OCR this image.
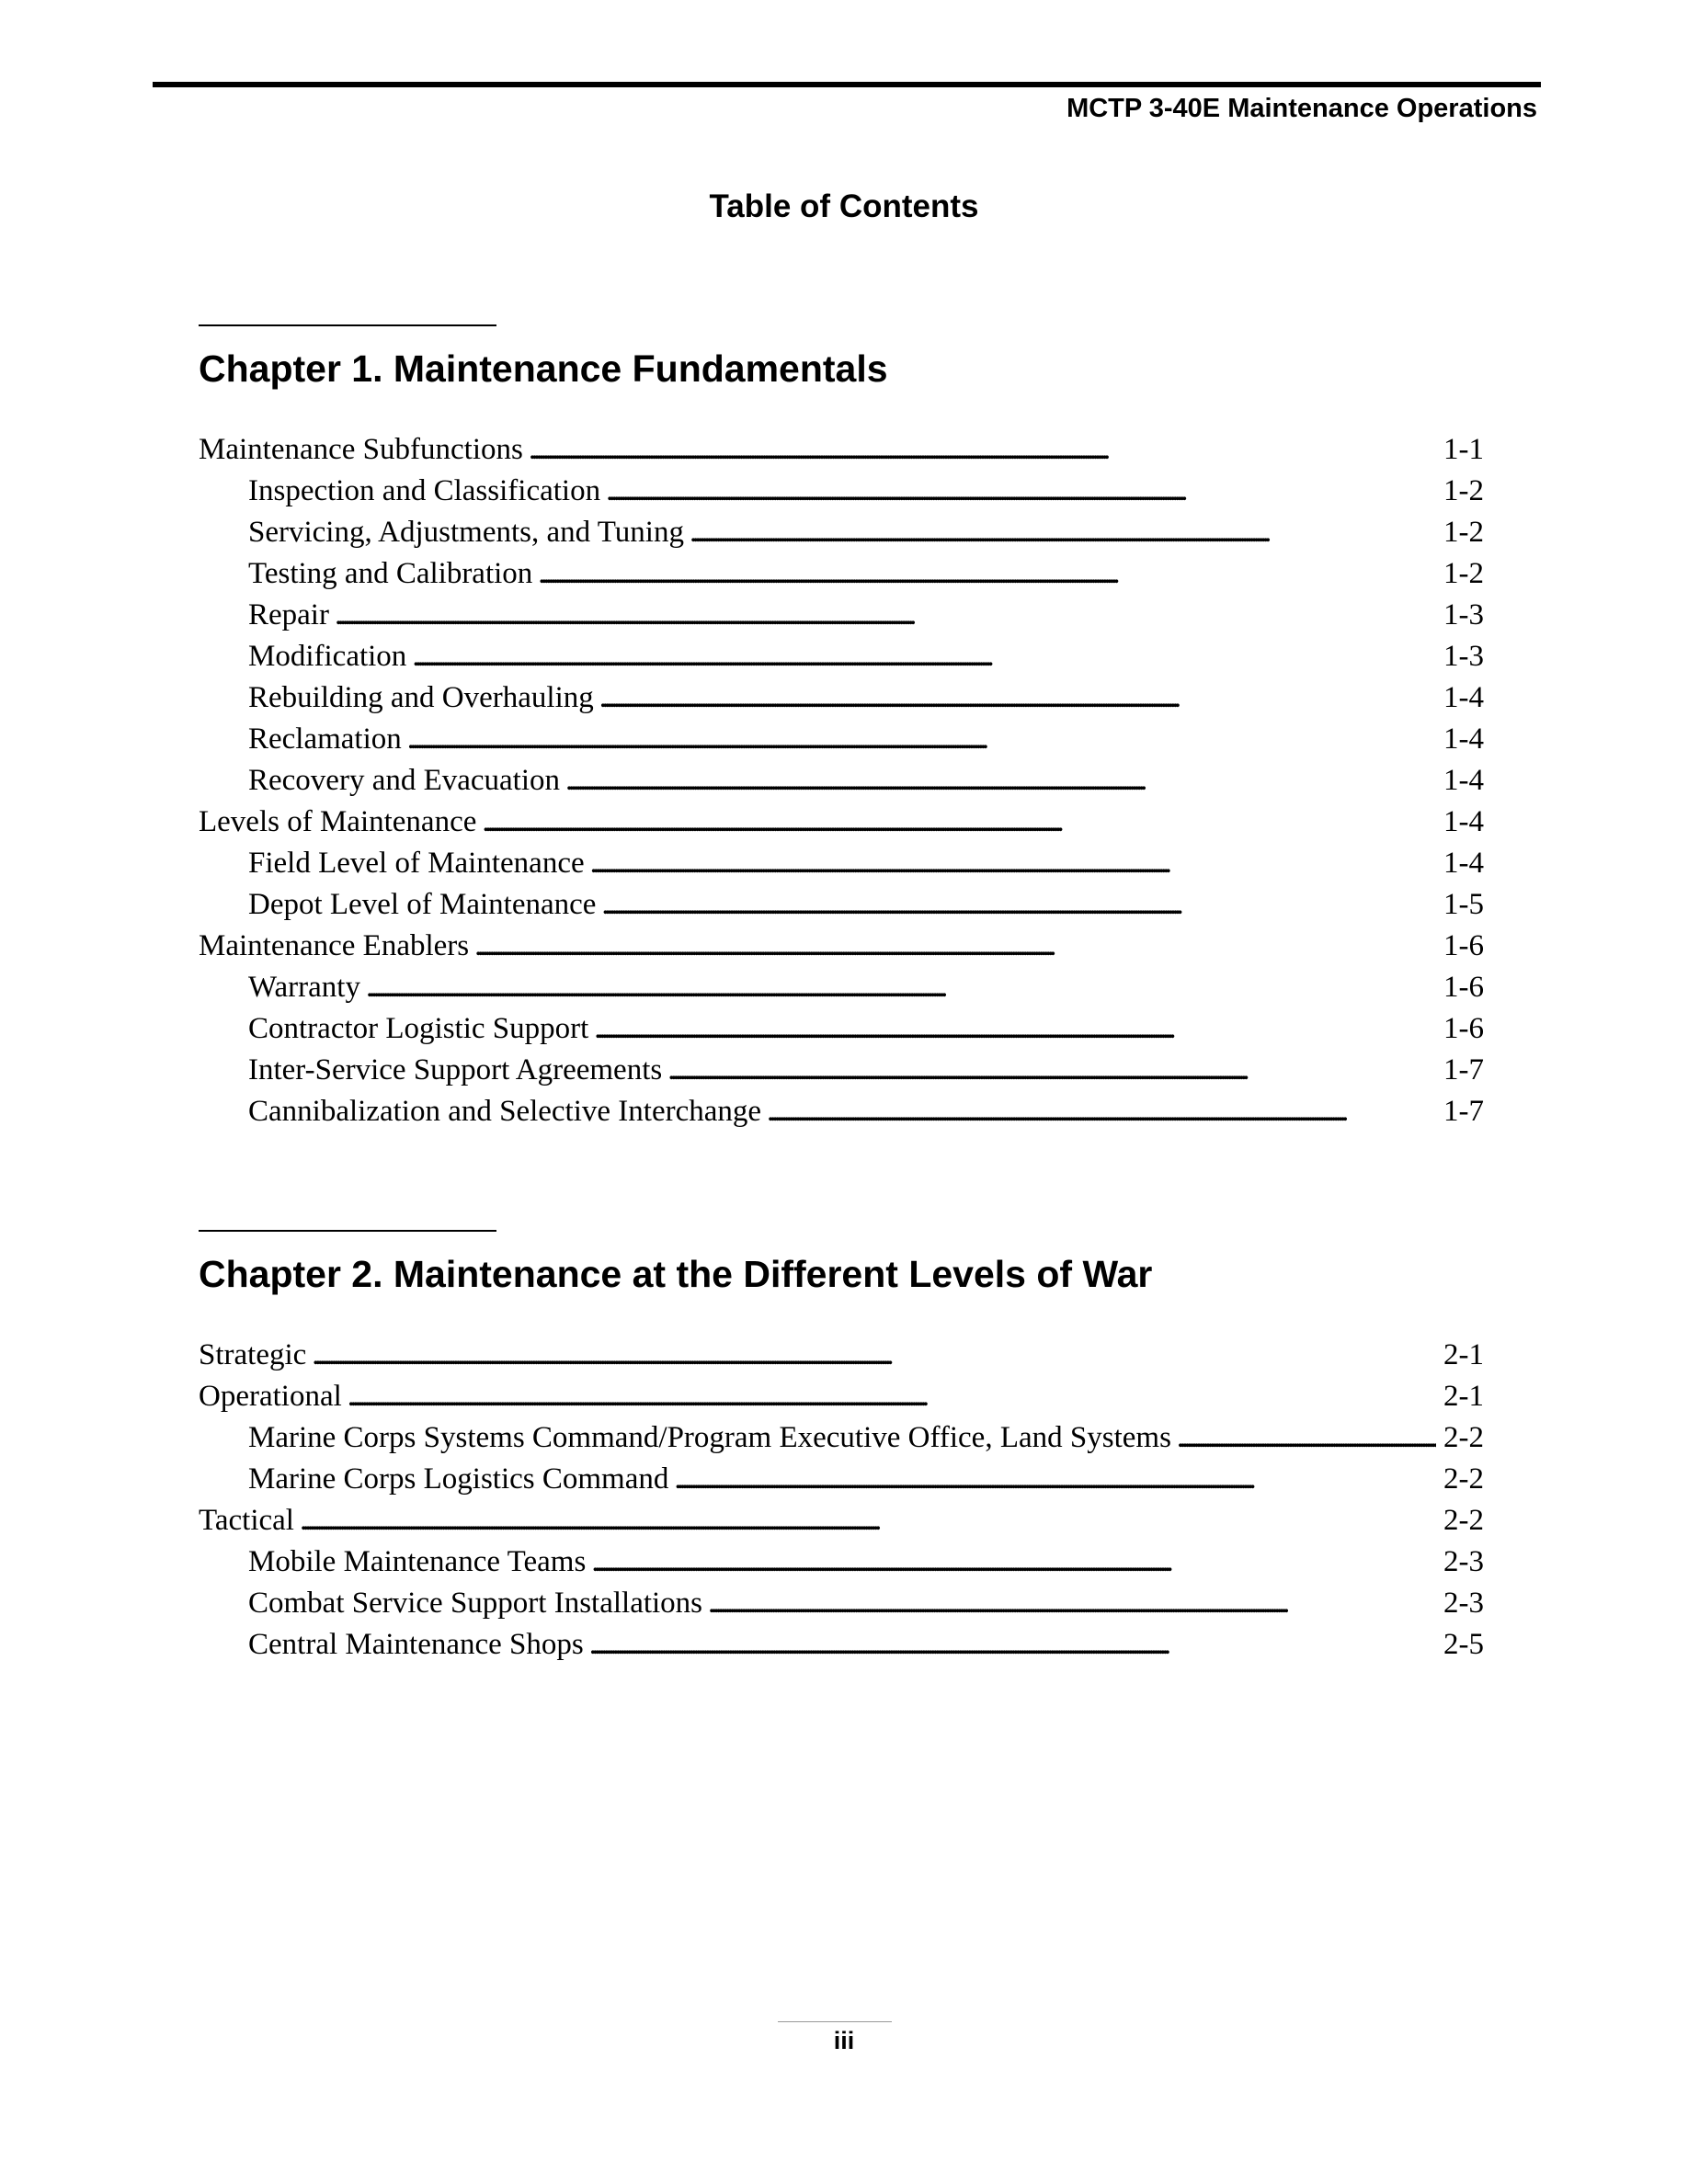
MCTP 3-40E Maintenance Operations
Table of Contents
Chapter 1. Maintenance Fundamentals
Maintenance Subfunctions . . .	1-1
Inspection and Classification . . .	1-2
Servicing, Adjustments, and Tuning . . .	1-2
Testing and Calibration . . .	1-2
Repair . . .	1-3
Modification . . .	1-3
Rebuilding and Overhauling . . .	1-4
Reclamation . . .	1-4
Recovery and Evacuation . . .	1-4
Levels of Maintenance . . .	1-4
Field Level of Maintenance . . .	1-4
Depot Level of Maintenance . . .	1-5
Maintenance Enablers . . .	1-6
Warranty . . .	1-6
Contractor Logistic Support . . .	1-6
Inter-Service Support Agreements . . .	1-7
Cannibalization and Selective Interchange . . .	1-7
Chapter 2. Maintenance at the Different Levels of War
Strategic . . .	2-1
Operational . . .	2-1
Marine Corps Systems Command/Program Executive Office, Land Systems . . .	2-2
Marine Corps Logistics Command . . .	2-2
Tactical . . .	2-2
Mobile Maintenance Teams . . .	2-3
Combat Service Support Installations . . .	2-3
Central Maintenance Shops . . .	2-5
iii
